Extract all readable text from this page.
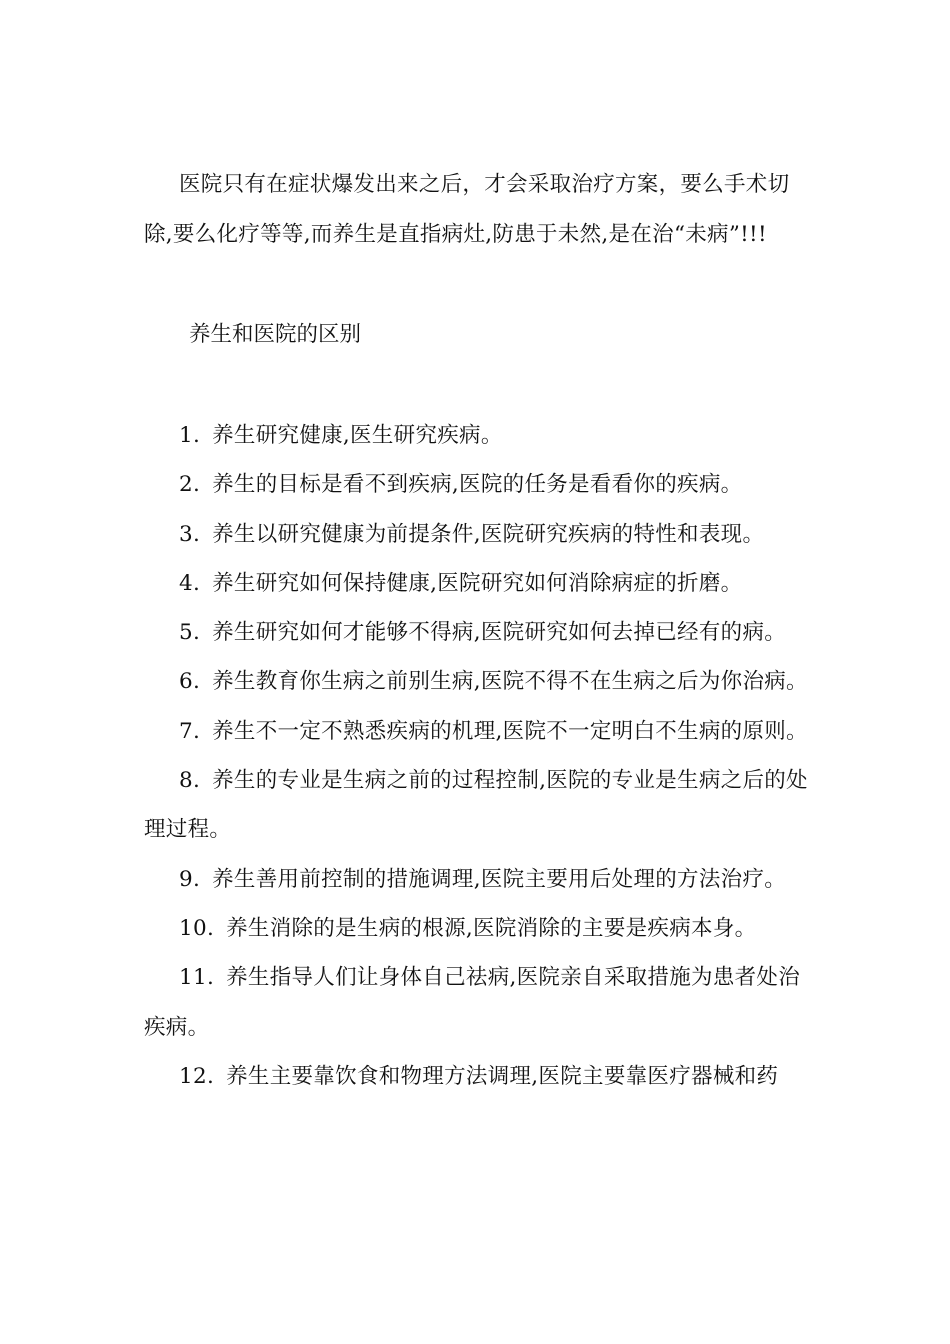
医院只有在症状爆发出来之后，才会采取治疗方案，要么手术切除,要么化疗等等,而养生是直指病灶,防患于未然,是在治“未病”!!!

养生和医院的区别

1. 养生研究健康,医生研究疾病。
2. 养生的目标是看不到疾病,医院的任务是看看你的疾病。
3. 养生以研究健康为前提条件,医院研究疾病的特性和表现。
4. 养生研究如何保持健康,医院研究如何消除病症的折磨。
5. 养生研究如何才能够不得病,医院研究如何去掉已经有的病。
6. 养生教育你生病之前别生病,医院不得不在生病之后为你治病。
7. 养生不一定不熟悉疾病的机理,医院不一定明白不生病的原则。
8. 养生的专业是生病之前的过程控制,医院的专业是生病之后的处理过程。
9. 养生善用前控制的措施调理,医院主要用后处理的方法治疗。
10. 养生消除的是生病的根源,医院消除的主要是疾病本身。
11. 养生指导人们让身体自己祛病,医院亲自采取措施为患者处治疾病。
12. 养生主要靠饮食和物理方法调理,医院主要靠医疗器械和药
